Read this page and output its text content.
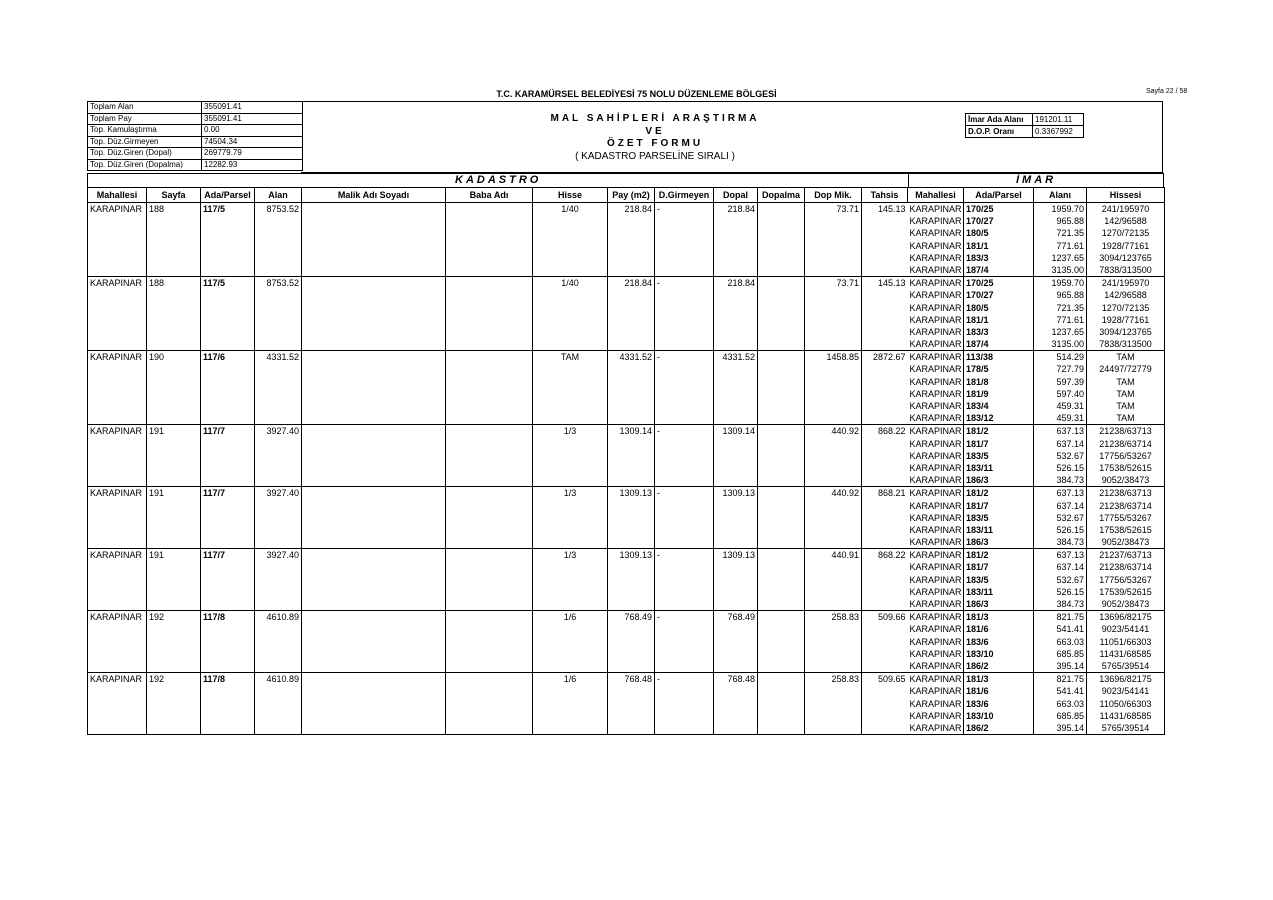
Sayfa 22 / 58
T.C. KARAMÜRSEL BELEDİYESİ 75 NOLU DÜZENLEME BÖLGESİ
Toplam Alan	355091.41
Toplam Pay	355091.41
Top. Kamulaştırma	0.00
Top. Düz.Girmeyen	74504.34
Top. Düz.Giren (Dopal)	269779.79
Top. Düz.Giren (Dopalma)	12282.93
MAL SAHİPLERİ ARAŞTIRMA
VE
ÖZET FORMU
( KADASTRO PARSELİNE SIRALI )
İmar Ada Alanı	191201.11
D.O.P. Oranı	0.3367992
KADASTRO	İMAR
Mahallesi	Sayfa	Ada/Parsel	Alan	Malik Adı Soyadı	Baba Adı	Hisse	Pay (m2)	D.Girmeyen	Dopal	Dopalma	Dop Mik.	Tahsis	Mahallesi	Ada/Parsel	Alanı	Hissesi
KARAPINAR	188	117/5	8753.52			1/40	218.84	-	218.84		73.71	145.13	KARAPINAR	170/25	1959.70	241/195970
													KARAPINAR	170/27	965.88	142/96588
													KARAPINAR	180/5	721.35	1270/72135
													KARAPINAR	181/1	771.61	1928/77161
													KARAPINAR	183/3	1237.65	3094/123765
													KARAPINAR	187/4	3135.00	7838/313500
KARAPINAR	188	117/5	8753.52			1/40	218.84	-	218.84		73.71	145.13	KARAPINAR	170/25	1959.70	241/195970
													KARAPINAR	170/27	965.88	142/96588
													KARAPINAR	180/5	721.35	1270/72135
													KARAPINAR	181/1	771.61	1928/77161
													KARAPINAR	183/3	1237.65	3094/123765
													KARAPINAR	187/4	3135.00	7838/313500
KARAPINAR	190	117/6	4331.52			TAM	4331.52	-	4331.52		1458.85	2872.67	KARAPINAR	113/38	514.29	TAM
													KARAPINAR	178/5	727.79	24497/72779
													KARAPINAR	181/8	597.39	TAM
													KARAPINAR	181/9	597.40	TAM
													KARAPINAR	183/4	459.31	TAM
													KARAPINAR	183/12	459.31	TAM
KARAPINAR	191	117/7	3927.40			1/3	1309.14	-	1309.14		440.92	868.22	KARAPINAR	181/2	637.13	21238/63713
													KARAPINAR	181/7	637.14	21238/63714
													KARAPINAR	183/5	532.67	17756/53267
													KARAPINAR	183/11	526.15	17538/52615
													KARAPINAR	186/3	384.73	9052/38473
KARAPINAR	191	117/7	3927.40			1/3	1309.13	-	1309.13		440.92	868.21	KARAPINAR	181/2	637.13	21238/63713
													KARAPINAR	181/7	637.14	21238/63714
													KARAPINAR	183/5	532.67	17755/53267
													KARAPINAR	183/11	526.15	17538/52615
													KARAPINAR	186/3	384.73	9052/38473
KARAPINAR	191	117/7	3927.40			1/3	1309.13	-	1309.13		440.91	868.22	KARAPINAR	181/2	637.13	21237/63713
													KARAPINAR	181/7	637.14	21238/63714
													KARAPINAR	183/5	532.67	17756/53267
													KARAPINAR	183/11	526.15	17539/52615
													KARAPINAR	186/3	384.73	9052/38473
KARAPINAR	192	117/8	4610.89			1/6	768.49	-	768.49		258.83	509.66	KARAPINAR	181/3	821.75	13696/82175
													KARAPINAR	181/6	541.41	9023/54141
													KARAPINAR	183/6	663.03	11051/66303
													KARAPINAR	183/10	685.85	11431/68585
													KARAPINAR	186/2	395.14	5765/39514
KARAPINAR	192	117/8	4610.89			1/6	768.48	-	768.48		258.83	509.65	KARAPINAR	181/3	821.75	13696/82175
													KARAPINAR	181/6	541.41	9023/54141
													KARAPINAR	183/6	663.03	11050/66303
													KARAPINAR	183/10	685.85	11431/68585
													KARAPINAR	186/2	395.14	5765/39514
